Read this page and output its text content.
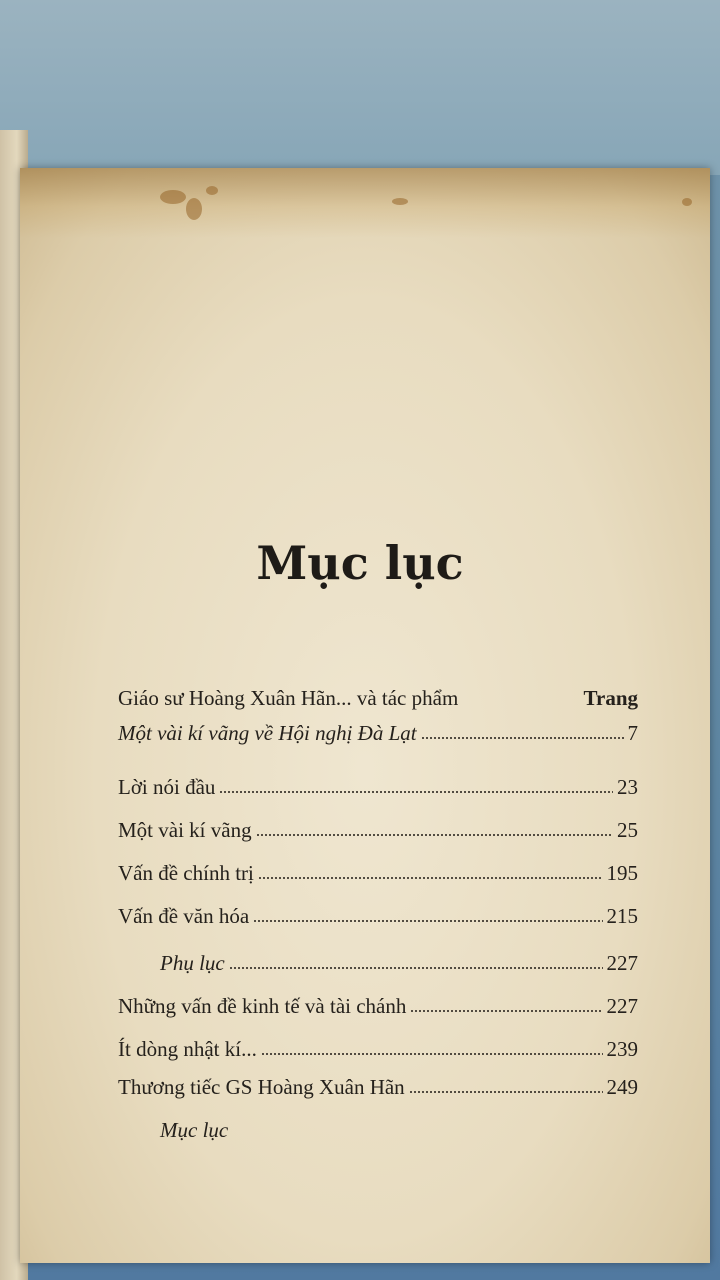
Mục lục
Giáo sư Hoàng Xuân Hãn... và tác phẩm	Trang
Một vài kí vãng về Hội nghị Đà Lạt	7
Lời nói đầu	23
Một vài kí vãng	25
Vấn đề chính trị	195
Vấn đề văn hóa	215
Phụ lục	227
Những vấn đề kinh tế và tài chánh	227
Ít dòng nhật kí...	239
Thương tiếc GS Hoàng Xuân Hãn	249
Mục lục
